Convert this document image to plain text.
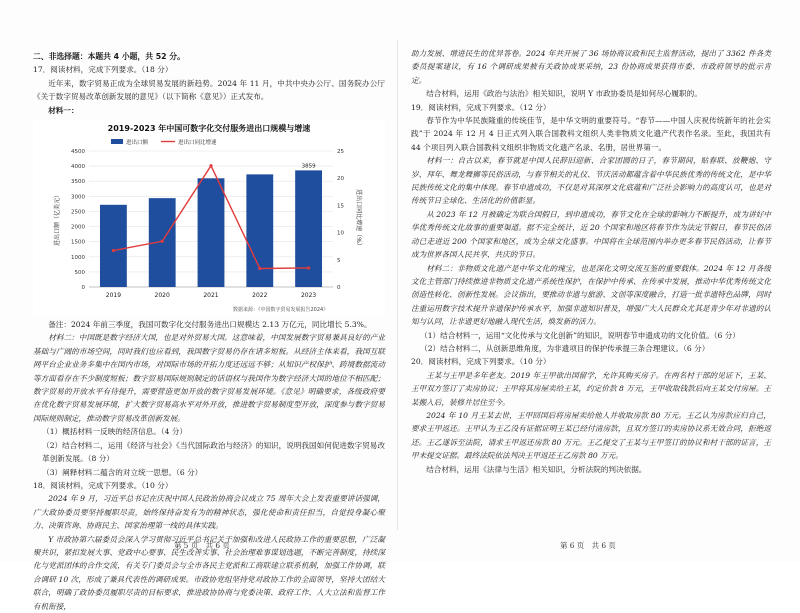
二、非选择题：本题共 4 小题，共 52 分。

17．阅读材料，完成下列要求。（18 分）

近年来，数字贸易正成为全球贸易发展的新趋势。2024 年 11 月，中共中央办公厅、国务院办公厅《关于数字贸易改革创新发展的意见》（以下简称《意见》）正式发布。

材料一：

2019-2023 年中国可数字化交付服务进出口规模与增速
进出口额	进出口同比增速
进出口额（亿美元）	进出口同比增速（%）
0
500
1000
1500
2000
2500
3000
3500
4000
4500
0
5
10
15
20
25
2019	2020	2021	2022	2023
3859
数据来源：《中国数字贸易发展报告2024》

备注：2024 年前三季度，我国可数字化交付服务进出口规模达 2.13 万亿元，同比增长 5.3%。

材料二：中国既是数字经济大国，也是对外贸易大国。这意味着，中国发展数字贸易兼具良好的产业基础与广阔的市场空间，同时我们也应看到，我国数字贸易仍存在诸多短板。从经济主体来看，我国互联网平台企业业务多集中在国内市场，对国际市场的开拓力度还远远不够；从知识产权保护、跨境数据流动等方面看存在不少制度短板；数字贸易国际规则制定的话语权与我国作为数字经济大国的地位不相匹配；数字贸易的开放水平有待提升，需要营造更加开放的数字贸易发展环境。《意见》明确要求，各级政府要在优化数字贸易发展环境，扩大数字贸易高水平对外开放，推进数字贸易制度型开放，深度参与数字贸易国际规则制定，推动数字贸易改革创新发展。

（1）概括材料一反映的经济信息。（4 分）

（2）结合材料二，运用《经济与社会》《当代国际政治与经济》的知识，说明我国如何促进数字贸易改革创新发展。（8 分）

（3）阐释材料二蕴含的对立统一思想。（6 分）

18．阅读材料，完成下列要求。（10 分）

2024 年 9 月，习近平总书记在庆祝中国人民政治协商会议成立 75 周年大会上发表重要讲话强调，广大政协委员要坚持履职尽责，始终保持奋发有为的精神状态，强化使命和责任担当，自觉投身凝心聚力、决策咨询、协商民主、国家治理第一线的具体实践。

Y 市政协第六届委员会深入学习贯彻习近平总书记关于加强和改进人民政协工作的重要思想，广泛凝聚共识，紧扣发展大事、党政中心要事、民生改善实事、社会治理难事谋划选题，不断完善制度，持续深化与党派团体的合作交流，有关专门委员会与全市各民主党派和工商联建立联系机制，加强工作协调，联合调研 10 次，形成了兼具代表性的调研成果。市政协党组坚持党对政协工作的全面领导，坚持大团结大联合，明确了政协委员履职尽责的目标要求，推进政协协商与党委决策、政府工作、人大立法和监督工作有机衔接，

助力发展、增进民生的优异答卷。2024 年共开展了 36 场协商议政和民主监督活动，提出了 3362 件各类委员提案建议，有 16 个调研成果被有关政协成果采纳，23 份协商成果获得市委、市政府领导的批示肯定。

结合材料，运用《政治与法治》相关知识，说明 Y 市政协委员是如何尽心履职的。

19．阅读材料，完成下列要求。（12 分）

春节作为中华民族隆重的传统佳节，是中华文明的重要符号。“春节——中国人庆祝传统新年的社会实践”于 2024 年 12 月 4 日正式列入联合国教科文组织人类非物质文化遗产代表作名录。至此，我国共有 44 个项目列入联合国教科文组织非物质文化遗产名录、名册，居世界第一。

材料一：自古以来，春节就是中国人民辞旧迎新、合家团圆的日子，春节期间，贴春联、放鞭炮、守岁、拜年、舞龙舞狮等民俗活动，与春节相关的礼仪、节庆活动都蕴含着中华民族优秀的传统文化，是中华民族传统文化的集中体现。春节申遗成功，不仅是对其深厚文化底蕴和广泛社会影响力的高度认可，也是对传统节日全球化、生活化的价值彰显。

从 2023 年 12 月被确定为联合国假日，到申遗成功，春节文化在全球的影响力不断提升，成为讲好中华优秀传统文化故事的重要渠道。据不完全统计，近 20 个国家和地区将春节作为法定节假日，春节民俗活动已走进近 200 个国家和地区，成为全球文化盛事。中国将在全球范围内举办更多春节民俗活动，让春节成为世界各国人民共享、共庆的节日。

材料二：非物质文化遗产是中华文化的瑰宝，也是深化文明交流互鉴的重要载体。2024 年 12 月各级文化主管部门持续推进非物质文化遗产系统性保护，在保护中传承、在传承中发展，推动中华优秀传统文化创造性转化、创新性发展。会议指出，要推动非遗与旅游、文创等深度融合，打造一批非遗特色品牌，同时注重运用数字技术提升非遗保护传承水平，加强非遗知识普及，增强广大人民群众尤其是青少年对非遗的认知与认同，让非遗更好地融入现代生活，焕发新的活力。

（1）结合材料一，运用“文化传承与文化创新”的知识，说明春节申遗成功的文化价值。（6 分）

（2）结合材料二，从创新思维角度，为非遗项目的保护传承提三条合理建议。（6 分）

20．阅读材料，完成下列要求。（10 分）

王某与王甲是多年老友。2019 年王甲欲出国留学，允许其购买房子。在两名村干部的见证下，王某、王甲双方签订了卖房协议；王甲将其房屋卖给王某，约定价款 8 万元，王甲收取钱款后向王某交付房屋。王某搬入后，装修并居住至今。

2024 年 10 月王某去世，王甲回国后将房屋卖给他人并收取房款 80 万元。王乙认为房款应归自己，要求王甲返还。王甲认为王乙没有证据证明王某已经付清房款，且双方签订的卖房协议系无效合同，拒绝返还。王乙遂诉至法院，请求王甲返还房款 80 万元。王乙提交了王某与王甲签订的协议和村干部的证言，王甲未提交证据。最终法院依法判决王甲返还王乙房款 80 万元。

结合材料，运用《法律与生活》相关知识，分析法院的判决依据。

第 5 页　共 6 页	第 6 页　共 6 页
